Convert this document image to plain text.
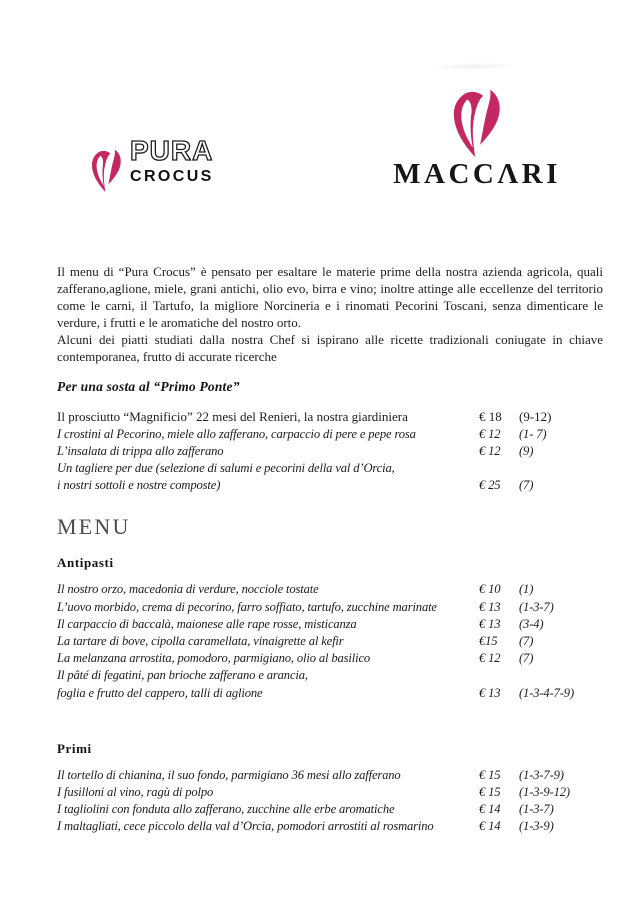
PURA
CROCUS	MACCΛRI

Il menu di “Pura Crocus” è pensato per esaltare le materie prime della nostra azienda agricola, quali zafferano,aglione, miele, grani antichi, olio evo, birra e vino; inoltre attinge alle eccellenze del territorio come le carni, il Tartufo, la migliore Norcineria e i rinomati Pecorini Toscani, senza dimenticare le verdure, i frutti e le aromatiche del nostro orto.

Alcuni dei piatti studiati dalla nostra Chef si ispirano alle ricette tradizionali coniugate in chiave contemporanea, frutto di accurate ricerche

Per una sosta al “Primo Ponte”
Il prosciutto “Magnificio” 22 mesi del Renieri, la nostra giardiniera	€ 18	(9-12)
I crostini al Pecorino, miele allo zafferano, carpaccio di pere e pepe rosa	€ 12	(1- 7)
L’insalata di trippa allo zafferano	€ 12	(9)
Un tagliere per due (selezione di salumi e pecorini della val d’Orcia,
i nostri sottoli e nostre composte)	€ 25	(7)
MENU
Antipasti
Il nostro orzo, macedonia di verdure, nocciole tostate	€ 10	(1)
L’uovo morbido, crema di pecorino, farro soffiato, tartufo, zucchine marinate	€ 13	(1-3-7)
Il carpaccio di baccalà, maionese alle rape rosse, misticanza	€ 13	(3-4)
La tartare di bove, cipolla caramellata, vinaigrette al kefir	€15	(7)
La melanzana arrostita, pomodoro, parmigiano, olio al basilico	€ 12	(7)
Il pâté di fegatini, pan brioche zafferano e arancia,
foglia e frutto del cappero, talli di aglione	€ 13	(1-3-4-7-9)
Primi
Il tortello di chianina, il suo fondo, parmigiano 36 mesi allo zafferano	€ 15	(1-3-7-9)
I fusilloni al vino, ragù di polpo	€ 15	(1-3-9-12)
I tagliolini con fonduta allo zafferano, zucchine alle erbe aromatiche	€ 14	(1-3-7)
I maltagliati, cece piccolo della val d’Orcia, pomodori arrostiti al rosmarino	€ 14	(1-3-9)
